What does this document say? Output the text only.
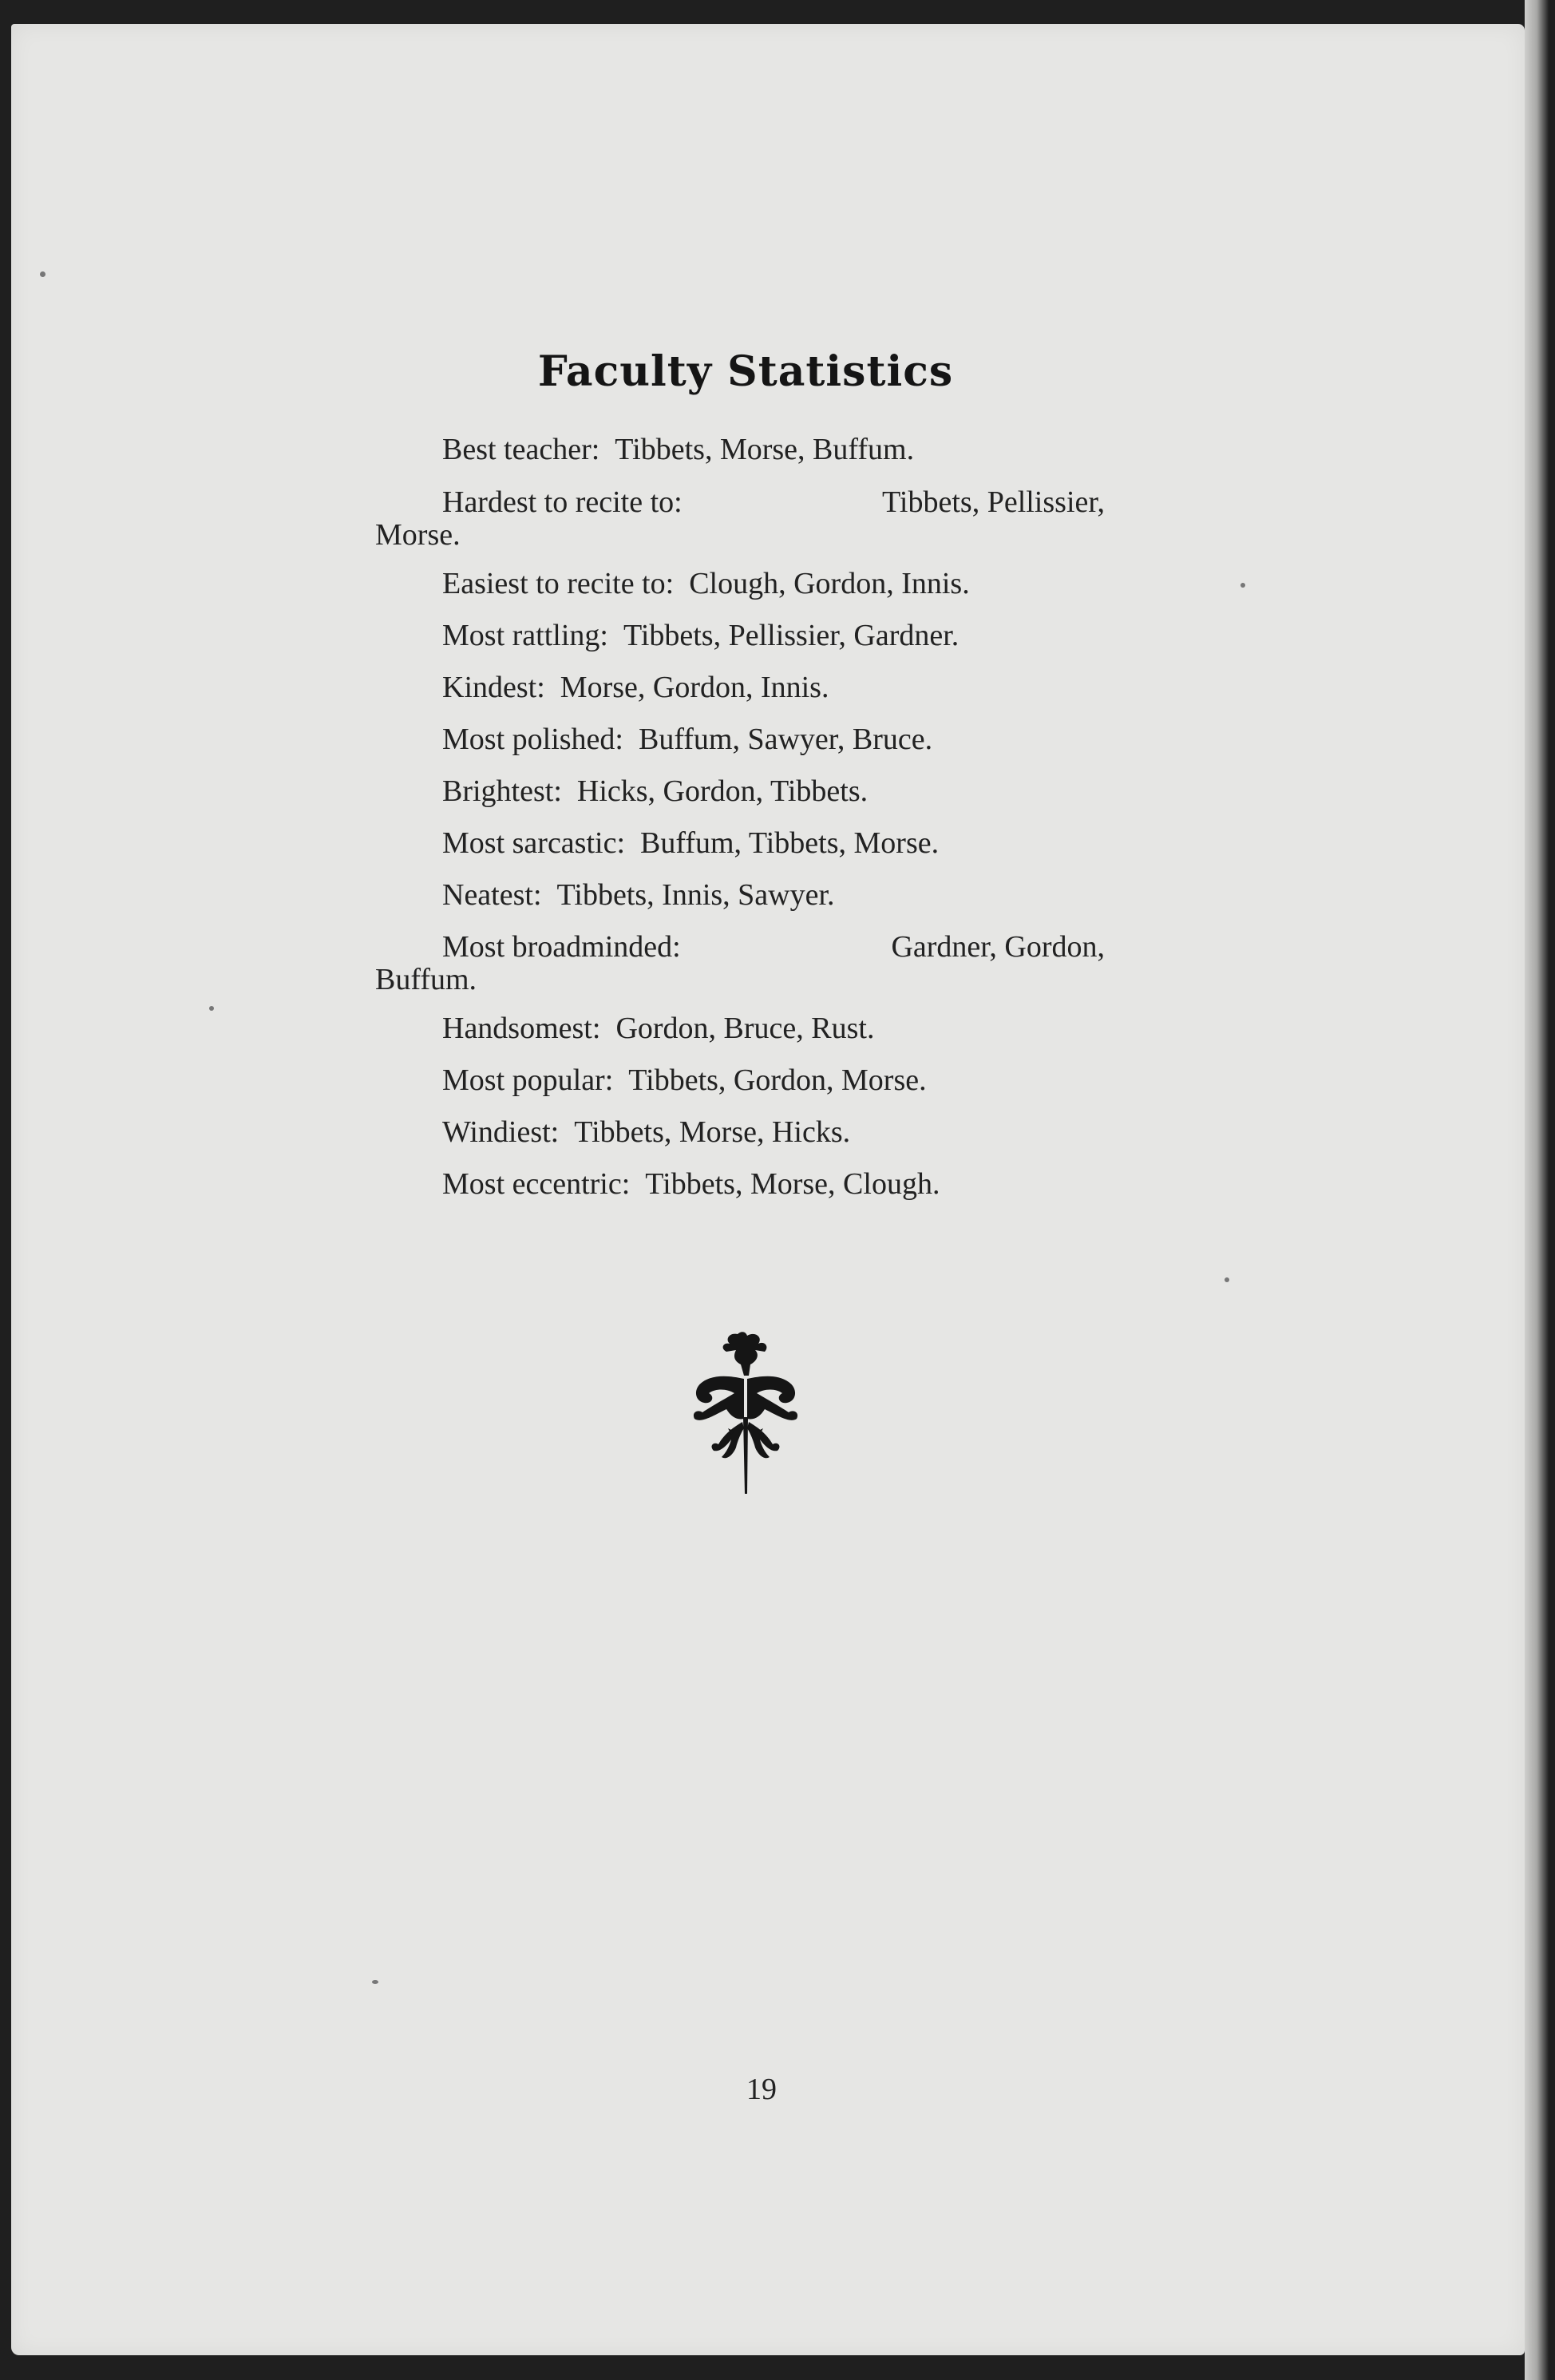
Faculty Statistics

Best teacher: Tibbets, Morse, Buffum.

Hardest to recite to:	Tibbets, Pellissier,
Morse.

Easiest to recite to: Clough, Gordon, Innis.

Most rattling: Tibbets, Pellissier, Gardner.

Kindest: Morse, Gordon, Innis.

Most polished: Buffum, Sawyer, Bruce.

Brightest: Hicks, Gordon, Tibbets.

Most sarcastic: Buffum, Tibbets, Morse.

Neatest: Tibbets, Innis, Sawyer.

Most broadminded:	Gardner, Gordon,
Buffum.

Handsomest: Gordon, Bruce, Rust.

Most popular: Tibbets, Gordon, Morse.

Windiest: Tibbets, Morse, Hicks.

Most eccentric: Tibbets, Morse, Clough.

19
